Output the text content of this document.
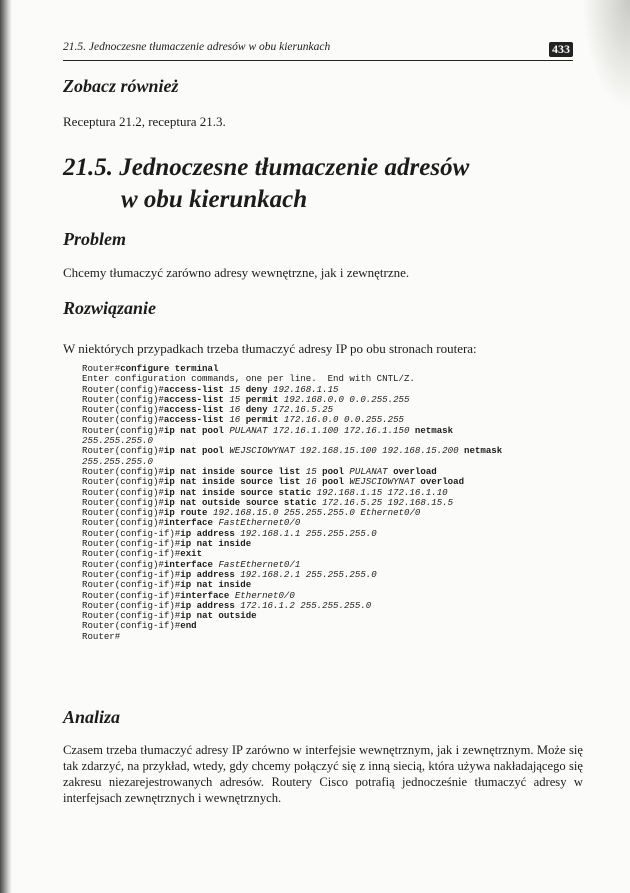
21.5. Jednoczesne tłumaczenie adresów w obu kierunkach	433
Zobacz również
Receptura 21.2, receptura 21.3.
21.5. Jednoczesne tłumaczenie adresów
w obu kierunkach
Problem
Chcemy tłumaczyć zarówno adresy wewnętrzne, jak i zewnętrzne.
Rozwiązanie
W niektórych przypadkach trzeba tłumaczyć adresy IP po obu stronach routera:
Router#configure terminal
Enter configuration commands, one per line.  End with CNTL/Z.
Router(config)#access-list 15 deny 192.168.1.15
Router(config)#access-list 15 permit 192.168.0.0 0.0.255.255
Router(config)#access-list 16 deny 172.16.5.25
Router(config)#access-list 16 permit 172.16.0.0 0.0.255.255
Router(config)#ip nat pool PULANAT 172.16.1.100 172.16.1.150 netmask
255.255.255.0
Router(config)#ip nat pool WEJSCIOWYNAT 192.168.15.100 192.168.15.200 netmask
255.255.255.0
Router(config)#ip nat inside source list 15 pool PULANAT overload
Router(config)#ip nat inside source list 16 pool WEJSCIOWYNAT overload
Router(config)#ip nat inside source static 192.168.1.15 172.16.1.10
Router(config)#ip nat outside source static 172.16.5.25 192.168.15.5
Router(config)#ip route 192.168.15.0 255.255.255.0 Ethernet0/0
Router(config)#interface FastEthernet0/0
Router(config-if)#ip address 192.168.1.1 255.255.255.0
Router(config-if)#ip nat inside
Router(config-if)#exit
Router(config)#interface FastEthernet0/1
Router(config-if)#ip address 192.168.2.1 255.255.255.0
Router(config-if)#ip nat inside
Router(config-if)#interface Ethernet0/0
Router(config-if)#ip address 172.16.1.2 255.255.255.0
Router(config-if)#ip nat outside
Router(config-if)#end
Router#
Analiza
Czasem trzeba tłumaczyć adresy IP zarówno w interfejsie wewnętrznym, jak i zewnętrznym. Może się tak zdarzyć, na przykład, wtedy, gdy chcemy połączyć się z inną siecią, która używa nakładającego się zakresu niezarejestrowanych adresów. Routery Cisco potrafią jednocześnie tłumaczyć adresy w interfejsach zewnętrznych i wewnętrznych.
